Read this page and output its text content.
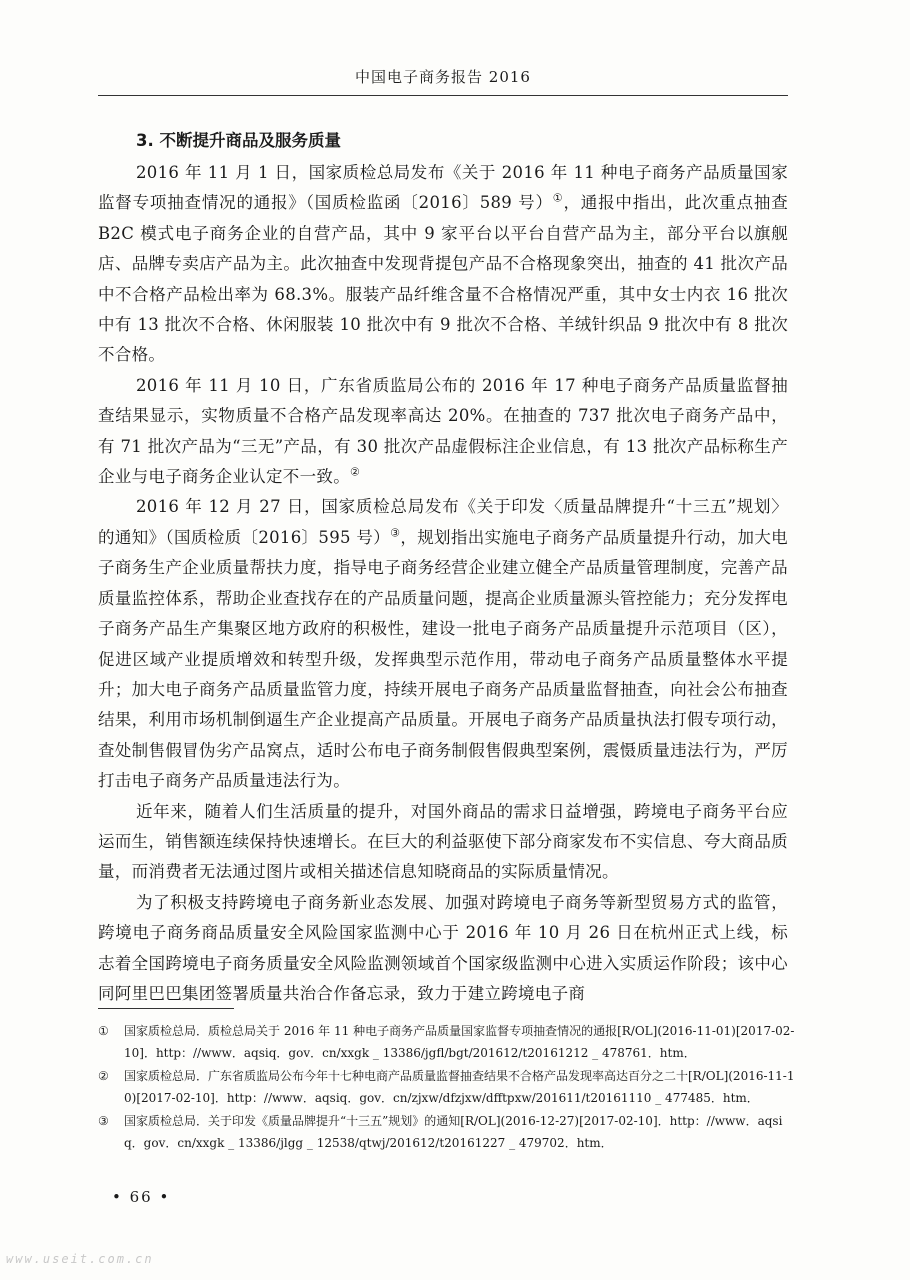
中国电子商务报告 2016
3. 不断提升商品及服务质量

2016 年 11 月 1 日，国家质检总局发布《关于 2016 年 11 种电子商务产品质量国家监督专项抽查情况的通报》（国质检监函〔2016〕589 号）①，通报中指出，此次重点抽查 B2C 模式电子商务企业的自营产品，其中 9 家平台以平台自营产品为主，部分平台以旗舰店、品牌专卖店产品为主。此次抽查中发现背提包产品不合格现象突出，抽查的 41 批次产品中不合格产品检出率为 68.3%。服装产品纤维含量不合格情况严重，其中女士内衣 16 批次中有 13 批次不合格、休闲服装 10 批次中有 9 批次不合格、羊绒针织品 9 批次中有 8 批次不合格。

2016 年 11 月 10 日，广东省质监局公布的 2016 年 17 种电子商务产品质量监督抽查结果显示，实物质量不合格产品发现率高达 20%。在抽查的 737 批次电子商务产品中，有 71 批次产品为“三无”产品，有 30 批次产品虚假标注企业信息，有 13 批次产品标称生产企业与电子商务企业认定不一致。②

2016 年 12 月 27 日，国家质检总局发布《关于印发〈质量品牌提升“十三五”规划〉的通知》（国质检质〔2016〕595 号）③，规划指出实施电子商务产品质量提升行动，加大电子商务生产企业质量帮扶力度，指导电子商务经营企业建立健全产品质量管理制度，完善产品质量监控体系，帮助企业查找存在的产品质量问题，提高企业质量源头管控能力；充分发挥电子商务产品生产集聚区地方政府的积极性，建设一批电子商务产品质量提升示范项目（区），促进区域产业提质增效和转型升级，发挥典型示范作用，带动电子商务产品质量整体水平提升；加大电子商务产品质量监管力度，持续开展电子商务产品质量监督抽查，向社会公布抽查结果，利用市场机制倒逼生产企业提高产品质量。开展电子商务产品质量执法打假专项行动，查处制售假冒伪劣产品窝点，适时公布电子商务制假售假典型案例，震慑质量违法行为，严厉打击电子商务产品质量违法行为。

近年来，随着人们生活质量的提升，对国外商品的需求日益增强，跨境电子商务平台应运而生，销售额连续保持快速增长。在巨大的利益驱使下部分商家发布不实信息、夸大商品质量，而消费者无法通过图片或相关描述信息知晓商品的实际质量情况。

为了积极支持跨境电子商务新业态发展、加强对跨境电子商务等新型贸易方式的监管，跨境电子商务商品质量安全风险国家监测中心于 2016 年 10 月 26 日在杭州正式上线，标志着全国跨境电子商务质量安全风险监测领域首个国家级监测中心进入实质运作阶段；该中心同阿里巴巴集团签署质量共治合作备忘录，致力于建立跨境电子商

①	国家质检总局．质检总局关于 2016 年 11 种电子商务产品质量国家监督专项抽查情况的通报[R/OL](2016-11-01)[2017-02-10]．http：//www．aqsiq．gov．cn/xxgk _ 13386/jgfl/bgt/201612/t20161212 _ 478761．htm．
②	国家质检总局．广东省质监局公布今年十七种电商产品质量监督抽查结果不合格产品发现率高达百分之二十[R/OL](2016-11-10)[2017-02-10]．http：//www．aqsiq．gov．cn/zjxw/dfzjxw/dfftpxw/201611/t20161110 _ 477485．htm．
③	国家质检总局．关于印发《质量品牌提升“十三五”规划》的通知[R/OL](2016-12-27)[2017-02-10]．http：//www．aqsiq．gov．cn/xxgk _ 13386/jlgg _ 12538/qtwj/201612/t20161227 _ 479702．htm．
• 66 •
www.useit.com.cn
